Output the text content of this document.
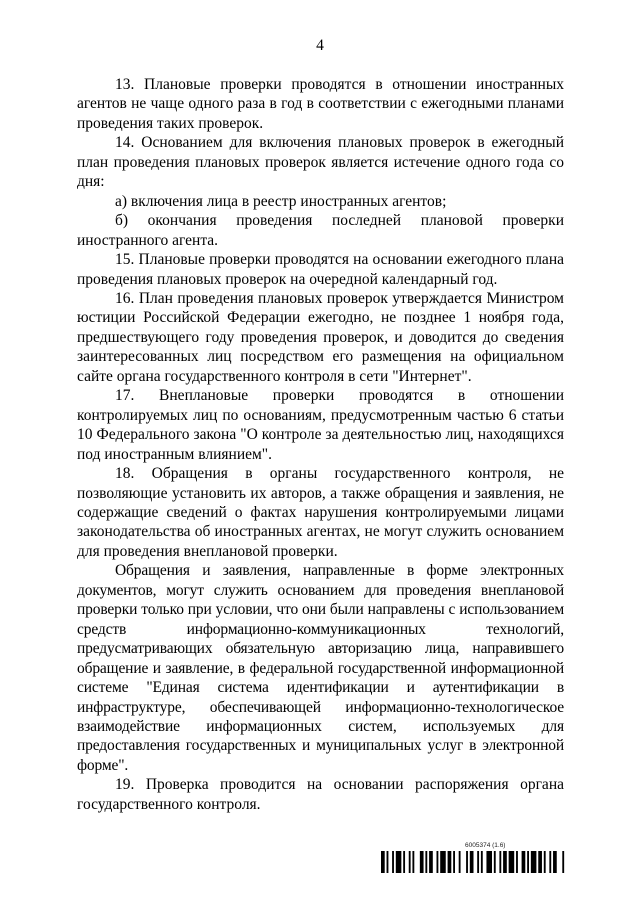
4

13. Плановые проверки проводятся в отношении иностранных агентов не чаще одного раза в год в соответствии с ежегодными планами проведения таких проверок.

14. Основанием для включения плановых проверок в ежегодный план проведения плановых проверок является истечение одного года со дня:

а) включения лица в реестр иностранных агентов;

б) окончания проведения последней плановой проверки иностранного агента.

15. Плановые проверки проводятся на основании ежегодного плана проведения плановых проверок на очередной календарный год.

16. План проведения плановых проверок утверждается Министром юстиции Российской Федерации ежегодно, не позднее 1 ноября года, предшествующего году проведения проверок, и доводится до сведения заинтересованных лиц посредством его размещения на официальном сайте органа государственного контроля в сети "Интернет".

17. Внеплановые проверки проводятся в отношении контролируемых лиц по основаниям, предусмотренным частью 6 статьи 10 Федерального закона "О контроле за деятельностью лиц, находящихся под иностранным влиянием".

18. Обращения в органы государственного контроля, не позволяющие установить их авторов, а также обращения и заявления, не содержащие сведений о фактах нарушения контролируемыми лицами законодательства об иностранных агентах, не могут служить основанием для проведения внеплановой проверки.

Обращения и заявления, направленные в форме электронных документов, могут служить основанием для проведения внеплановой проверки только при условии, что они были направлены с использованием средств информационно-коммуникационных технологий, предусматривающих обязательную авторизацию лица, направившего обращение и заявление, в федеральной государственной информационной системе "Единая система идентификации и аутентификации в инфраструктуре, обеспечивающей информационно-технологическое взаимодействие информационных систем, используемых для предоставления государственных и муниципальных услуг в электронной форме".

19. Проверка проводится на основании распоряжения органа государственного контроля.

6005374 (1.6)
